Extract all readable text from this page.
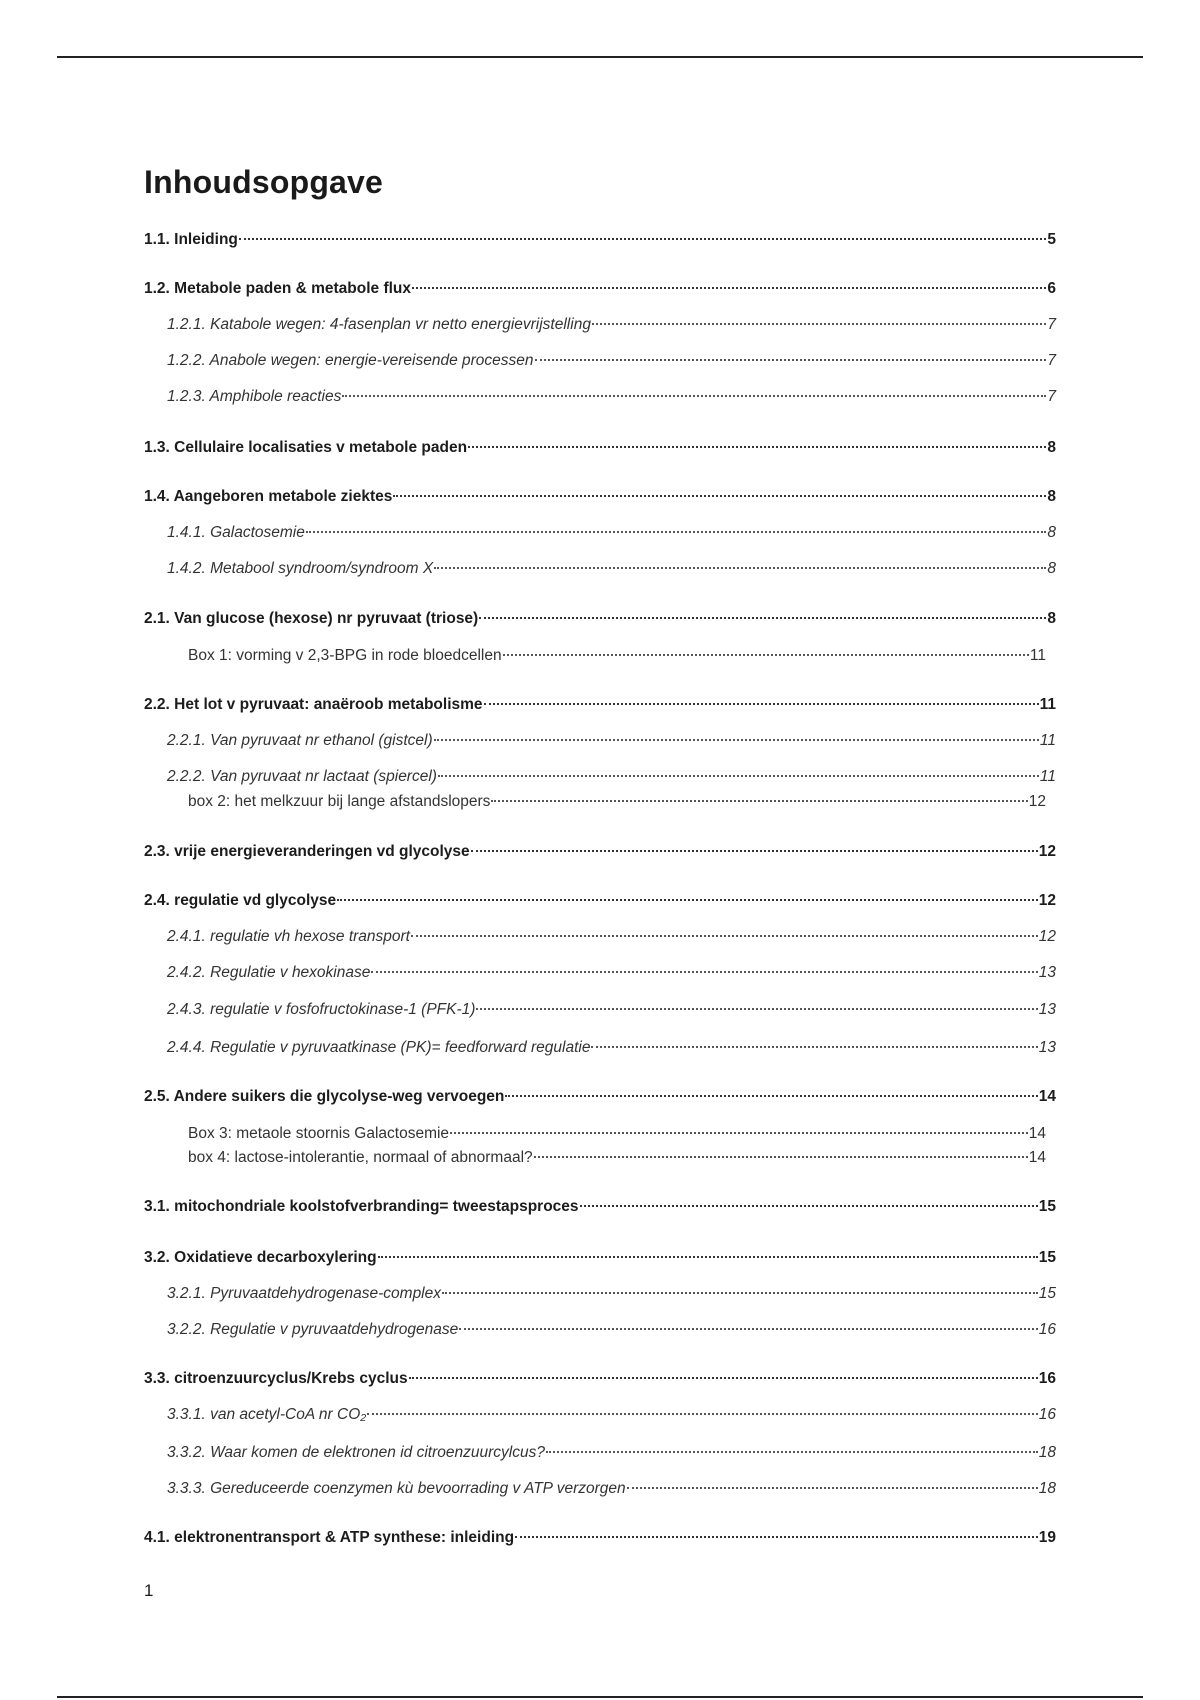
Inhoudsopgave
1.1. Inleiding	5
1.2. Metabole paden & metabole flux	6
1.2.1. Katabole wegen: 4-fasenplan vr netto energievrijstelling	7
1.2.2. Anabole wegen: energie-vereisende processen	7
1.2.3. Amphibole reacties	7
1.3. Cellulaire localisaties v metabole paden	8
1.4. Aangeboren metabole ziektes	8
1.4.1. Galactosemie	8
1.4.2. Metabool syndroom/syndroom X	8
2.1. Van glucose (hexose) nr pyruvaat (triose)	8
Box 1: vorming v 2,3-BPG in rode bloedcellen	11
2.2. Het lot v pyruvaat: anaëroob metabolisme	11
2.2.1. Van pyruvaat nr ethanol (gistcel)	11
2.2.2. Van pyruvaat nr lactaat (spiercel)	11
box 2: het melkzuur bij lange afstandslopers	12
2.3. vrije energieveranderingen vd glycolyse	12
2.4. regulatie vd glycolyse	12
2.4.1. regulatie vh hexose transport	12
2.4.2. Regulatie v hexokinase	13
2.4.3. regulatie v fosfofructokinase-1 (PFK-1)	13
2.4.4. Regulatie v pyruvaatkinase (PK)= feedforward regulatie	13
2.5. Andere suikers die glycolyse-weg vervoegen	14
Box 3: metaole stoornis Galactosemie	14
box 4: lactose-intolerantie, normaal of abnormaal?	14
3.1. mitochondriale koolstofverbranding= tweestapsproces	15
3.2. Oxidatieve decarboxylering	15
3.2.1. Pyruvaatdehydrogenase-complex	15
3.2.2. Regulatie v pyruvaatdehydrogenase	16
3.3. citroenzuurcyclus/Krebs cyclus	16
3.3.1. van acetyl-CoA nr CO₂	16
3.3.2. Waar komen de elektronen id citroenzuurcylcus?	18
3.3.3. Gereduceerde coenzymen kù bevoorrading v ATP verzorgen	18
4.1. elektronentransport & ATP synthese: inleiding	19
1
